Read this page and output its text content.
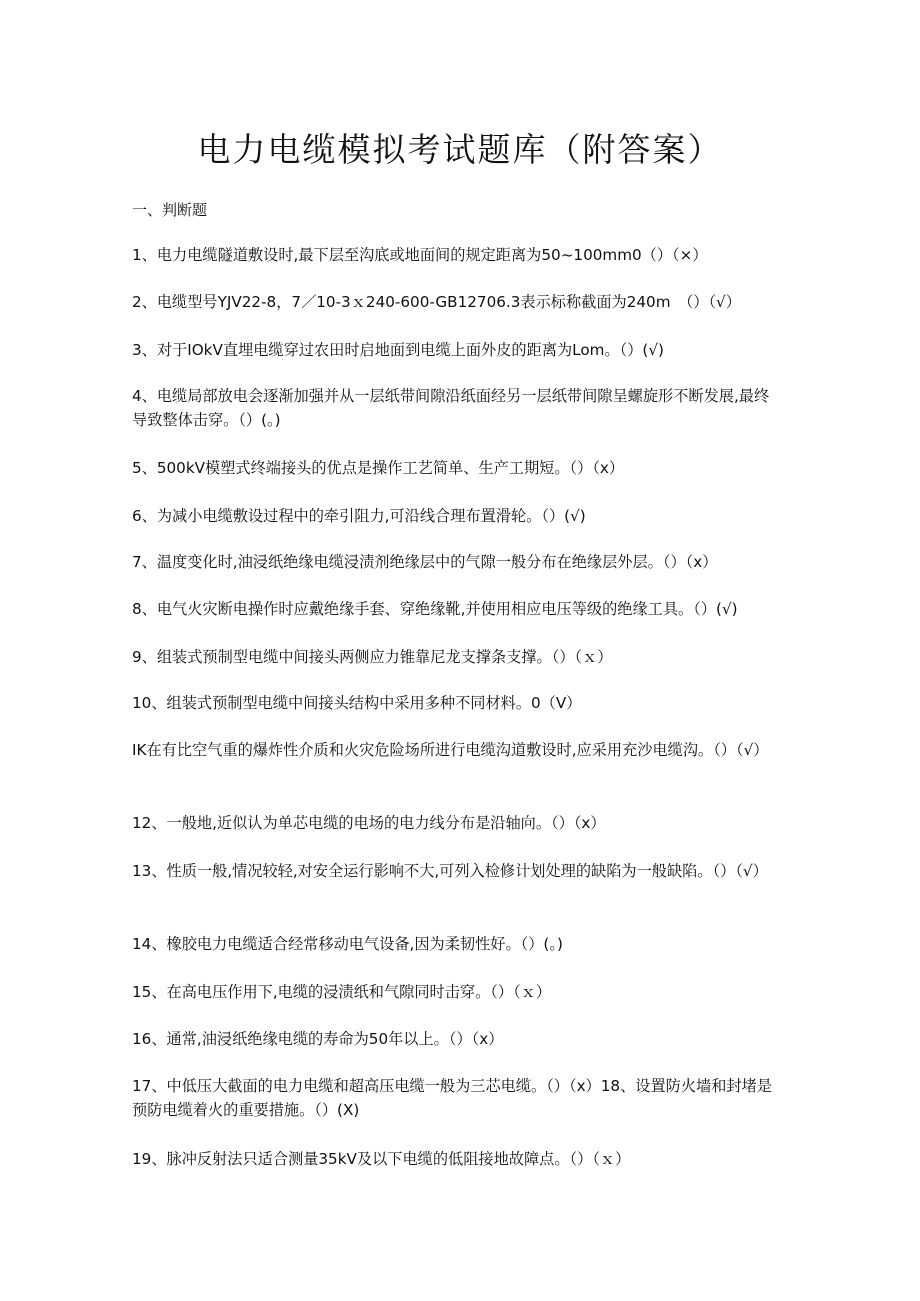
电力电缆模拟考试题库（附答案）
一、判断题
1、电力电缆隧道敷设时,最下层至沟底或地面间的规定距离为50~100mm0（）（×）
2、电缆型号YJV22-8，7／10-3ｘ240-600-GB12706.3表示标称截面为240m　（）（√）
3、对于IOkV直埋电缆穿过农田时启地面到电缆上面外皮的距离为Lom。（）(√)
4、电缆局部放电会逐渐加强并从一层纸带间隙沿纸面经另一层纸带间隙呈螺旋形不断发展,最终导致整体击穿。（）(。)
5、500kV模塑式终端接头的优点是操作工艺简单、生产工期短。（）（x）
6、为减小电缆敷设过程中的牵引阻力,可沿线合理布置滑轮。（）(√)
7、温度变化时,油浸纸绝缘电缆浸渍剂绝缘层中的气隙一般分布在绝缘层外层。（）（x）
8、电气火灾断电操作时应戴绝缘手套、穿绝缘靴,并使用相应电压等级的绝缘工具。（）(√)
9、组装式预制型电缆中间接头两侧应力锥靠尼龙支撑条支撑。（）（ｘ）
10、组装式预制型电缆中间接头结构中采用多种不同材料。0（V）
IK在有比空气重的爆炸性介质和火灾危险场所进行电缆沟道敷设时,应采用充沙电缆沟。（）（√）
12、一般地,近似认为单芯电缆的电场的电力线分布是沿轴向。（）（x）
13、性质一般,情况较轻,对安全运行影响不大,可列入检修计划处理的缺陷为一般缺陷。（）（√）
14、橡胶电力电缆适合经常移动电气设备,因为柔韧性好。（）(。)
15、在高电压作用下,电缆的浸渍纸和气隙同时击穿。（）（ｘ）
16、通常,油浸纸绝缘电缆的寿命为50年以上。（）（x）
17、中低压大截面的电力电缆和超高压电缆一般为三芯电缆。（）（x）18、设置防火墙和封堵是预防电缆着火的重要措施。（）(X)
19、脉冲反射法只适合测量35kV及以下电缆的低阻接地故障点。（）（ｘ）
